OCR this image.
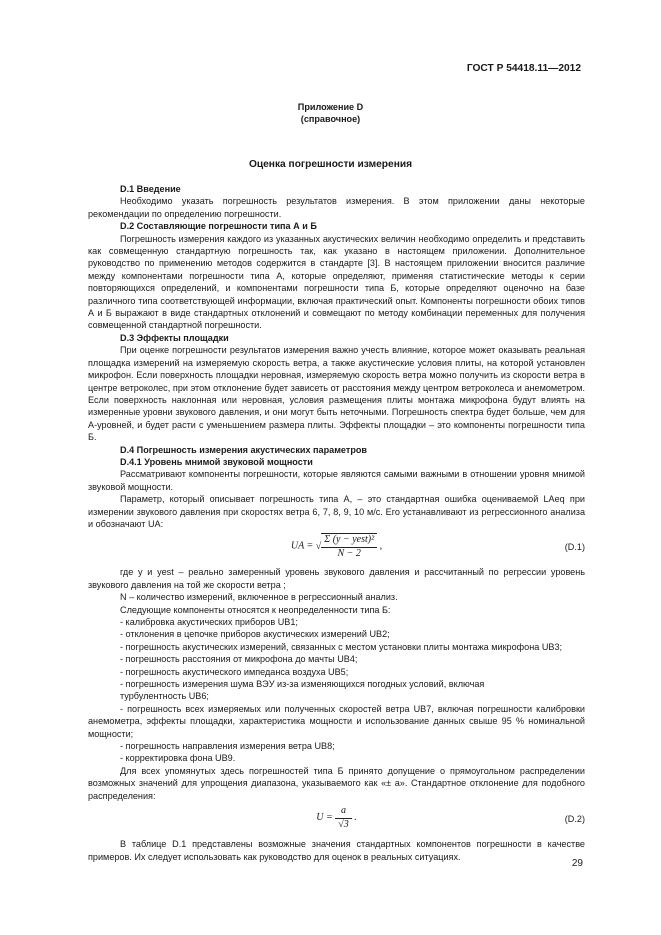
ГОСТ Р 54418.11—2012
Приложение D
(справочное)
Оценка погрешности измерения

D.1 Введение

Необходимо указать погрешность результатов измерения. В этом приложении даны некоторые рекомендации по определению погрешности.

D.2 Составляющие погрешности типа А и Б

Погрешность измерения каждого из указанных акустических величин необходимо определить и представить как совмещенную стандартную погрешность так, как указано в настоящем приложении. Дополнительное руководство по применению методов содержится в стандарте [3]. В настоящем приложении вносится различие между компонентами погрешности типа А, которые определяют, применяя статистические методы к серии повторяющихся определений, и компонентами погрешности типа Б, которые определяют оценочно на базе различного типа соответствующей информации, включая практический опыт. Компоненты погрешности обоих типов А и Б выражают в виде стандартных отклонений и совмещают по методу комбинации переменных для получения совмещенной стандартной погрешности.

D.3 Эффекты площадки

При оценке погрешности результатов измерения важно учесть влияние, которое может оказывать реальная площадка измерений на измеряемую скорость ветра, а также акустические условия плиты, на которой установлен микрофон. Если поверхность площадки неровная, измеряемую скорость ветра можно получить из скорости ветра в центре ветроколес, при этом отклонение будет зависеть от расстояния между центром ветроколеса и анемометром. Если поверхность наклонная или неровная, условия размещения плиты монтажа микрофона будут влиять на измеренные уровни звукового давления, и они могут быть неточными. Погрешность спектра будет больше, чем для А-уровней, и будет расти с уменьшением размера плиты. Эффекты площадки – это компоненты погрешности типа Б.

D.4 Погрешность измерения акустических параметров

D.4.1 Уровень мнимой звуковой мощности

Рассматривают компоненты погрешности, которые являются самыми важными в отношении уровня мнимой звуковой мощности.

Параметр, который описывает погрешность типа А, – это стандартная ошибка оцениваемой LAeq при измерении звукового давления при скоростях ветра 6, 7, 8, 9, 10 м/с. Его устанавливают из регрессионного анализа и обозначают UA:

UA = √ $\frac{\text{Σ (y − yest)²}}{N - 2}$ ,	(D.1)

где y и yest – реально замеренный уровень звукового давления и рассчитанный по регрессии уровень звукового давления на той же скорости ветра ;

N – количество измерений, включенное в регрессионный анализ.

Следующие компоненты относятся к неопределенности типа Б:

- калибровка акустических приборов UB1;

- отклонения в цепочке приборов акустических измерений UB2;

- погрешность акустических измерений, связанных с местом установки плиты монтажа микрофона UB3;

- погрешность расстояния от микрофона до мачты UB4;

- погрешность акустического импеданса воздуха UB5;

- погрешность измерения шума ВЭУ из-за изменяющихся погодных условий, включая

турбулентность UB6;

- погрешность всех измеряемых или полученных скоростей ветра UB7, включая погрешности калибровки анемометра, эффекты площадки, характеристика мощности и использование данных свыше 95 % номинальной мощности;

- погрешность направления измерения ветра UB8;

- корректировка фона UB9.

Для всех упомянутых здесь погрешностей типа Б принято допущение о прямоугольном распределении возможных значений для упрощения диапазона, указываемого как «± a». Стандартное отклонение для подобного распределения:

$U = \frac{a}{√3}$ .	(D.2)

В таблице D.1 представлены возможные значения стандартных компонентов погрешности в качестве примеров. Их следует использовать как руководство для оценок в реальных ситуациях.

29
